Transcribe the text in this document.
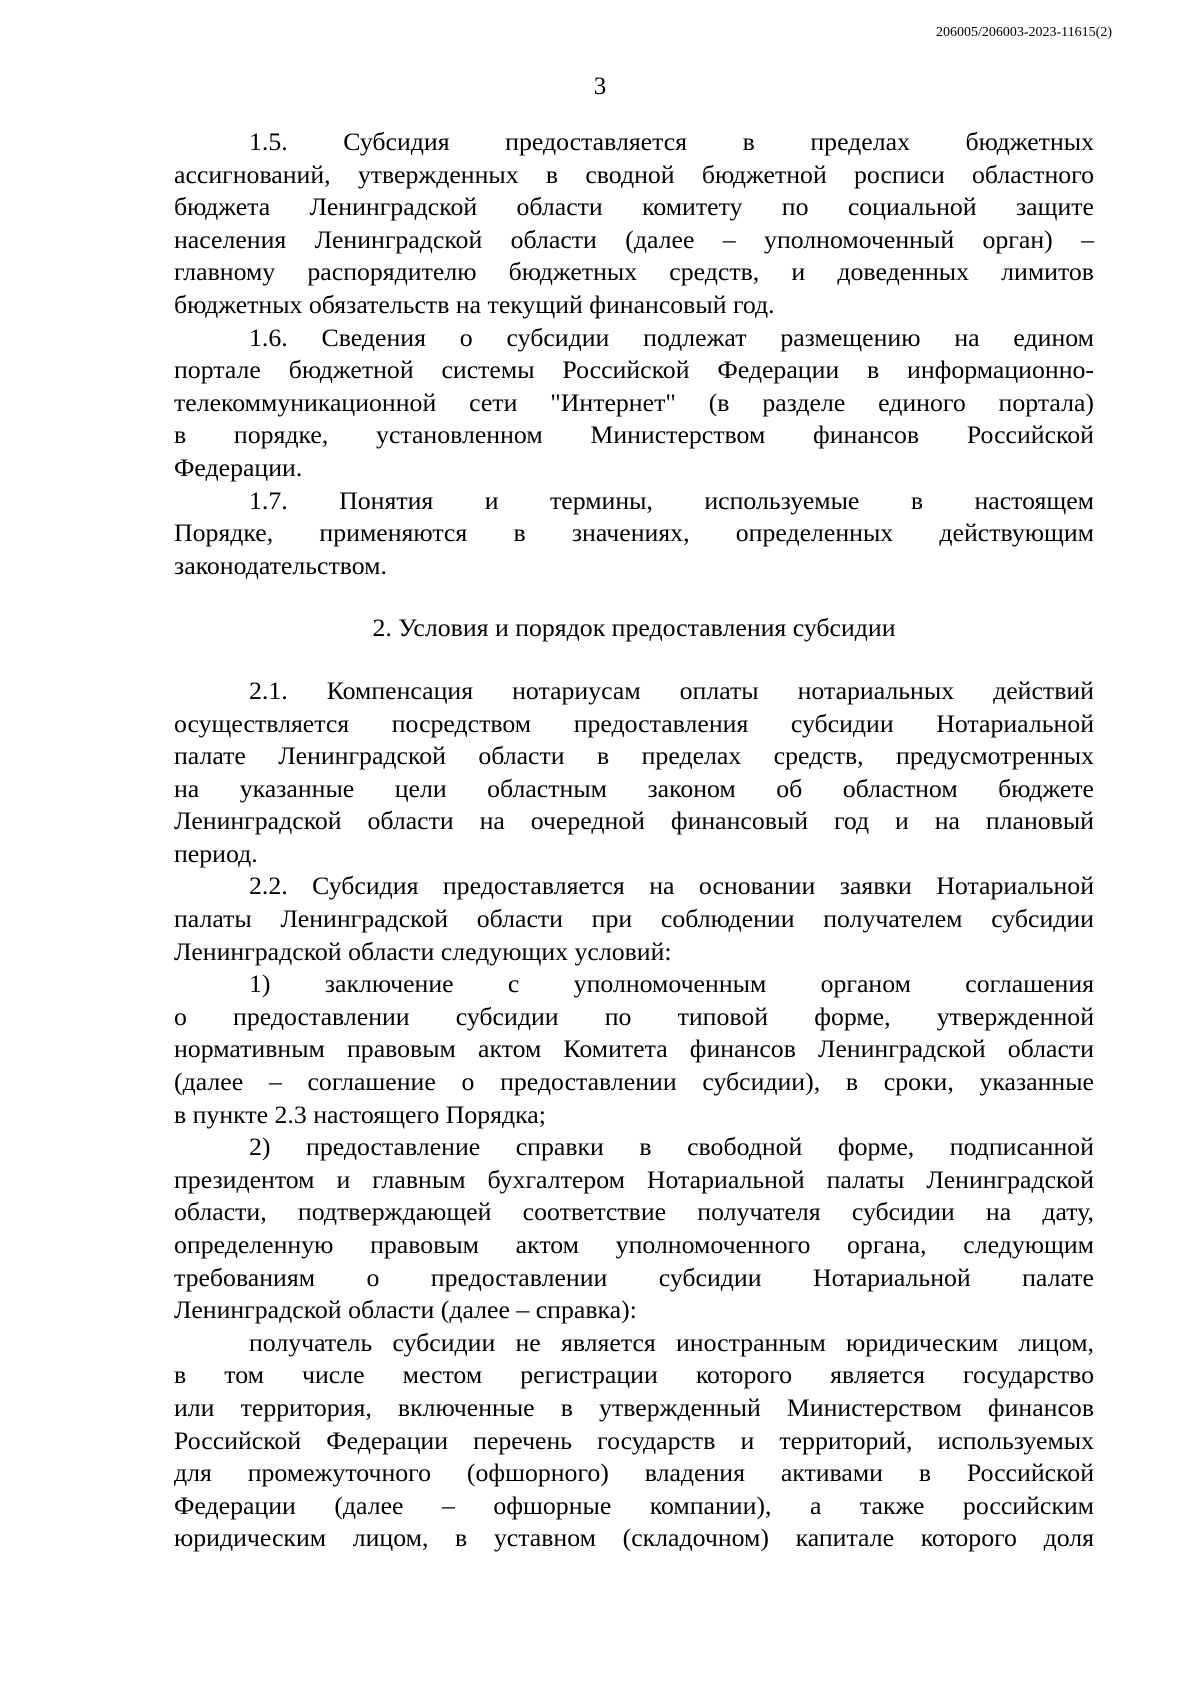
206005/206003-2023-11615(2)
3
1.5. Субсидия предоставляется в пределах бюджетных
ассигнований, утвержденных в сводной бюджетной росписи областного
бюджета Ленинградской области комитету по социальной защите
населения Ленинградской области (далее – уполномоченный орган) –
главному распорядителю бюджетных средств, и доведенных лимитов
бюджетных обязательств на текущий финансовый год.
1.6. Сведения о субсидии подлежат размещению на едином
портале бюджетной системы Российской Федерации в информационно-
телекоммуникационной сети "Интернет" (в разделе единого портала)
в порядке, установленном Министерством финансов Российской
Федерации.
1.7. Понятия и термины, используемые в настоящем
Порядке, применяются в значениях, определенных действующим
законодательством.
2. Условия и порядок предоставления субсидии
2.1. Компенсация нотариусам оплаты нотариальных действий
осуществляется посредством предоставления субсидии Нотариальной
палате Ленинградской области в пределах средств, предусмотренных
на указанные цели областным законом об областном бюджете
Ленинградской области на очередной финансовый год и на плановый
период.
2.2. Субсидия предоставляется на основании заявки Нотариальной
палаты Ленинградской области при соблюдении получателем субсидии
Ленинградской области следующих условий:
1) заключение с уполномоченным органом соглашения
о предоставлении субсидии по типовой форме, утвержденной
нормативным правовым актом Комитета финансов Ленинградской области
(далее – соглашение о предоставлении субсидии), в сроки, указанные
в пункте 2.3 настоящего Порядка;
2) предоставление справки в свободной форме, подписанной
президентом и главным бухгалтером Нотариальной палаты Ленинградской
области, подтверждающей соответствие получателя субсидии на дату,
определенную правовым актом уполномоченного органа, следующим
требованиям о предоставлении субсидии Нотариальной палате
Ленинградской области (далее – справка):
получатель субсидии не является иностранным юридическим лицом,
в том числе местом регистрации которого является государство
или территория, включенные в утвержденный Министерством финансов
Российской Федерации перечень государств и территорий, используемых
для промежуточного (офшорного) владения активами в Российской
Федерации (далее – офшорные компании), а также российским
юридическим лицом, в уставном (складочном) капитале которого доля
